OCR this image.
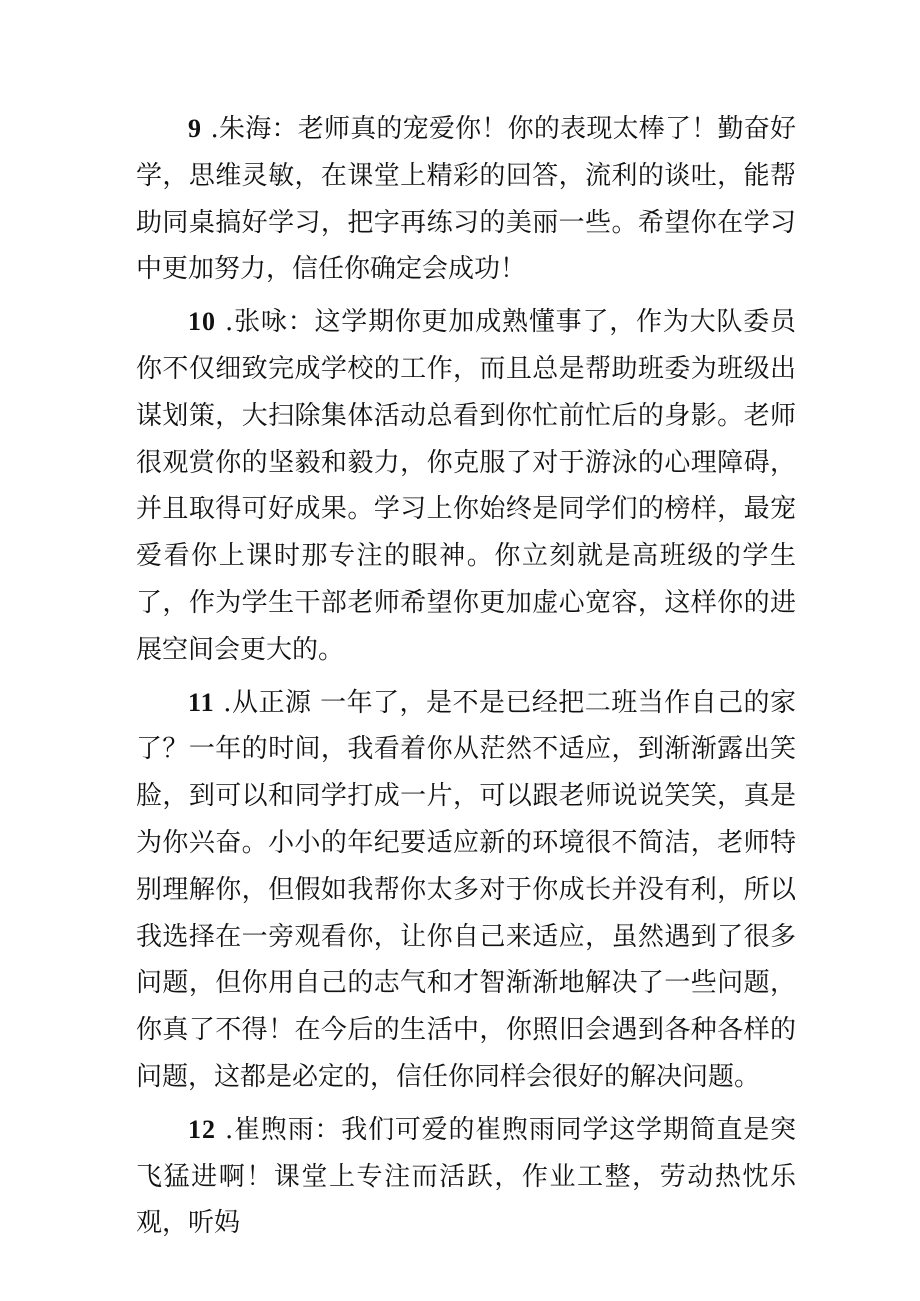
9 .朱海：老师真的宠爱你！你的表现太棒了！勤奋好学，思维灵敏，在课堂上精彩的回答，流利的谈吐，能帮助同桌搞好学习，把字再练习的美丽一些。希望你在学习中更加努力，信任你确定会成功！

10 .张咏：这学期你更加成熟懂事了，作为大队委员你不仅细致完成学校的工作，而且总是帮助班委为班级出谋划策，大扫除集体活动总看到你忙前忙后的身影。老师很观赏你的坚毅和毅力，你克服了对于游泳的心理障碍，并且取得可好成果。学习上你始终是同学们的榜样，最宠爱看你上课时那专注的眼神。你立刻就是高班级的学生了，作为学生干部老师希望你更加虚心宽容，这样你的进展空间会更大的。

11 .从正源 一年了，是不是已经把二班当作自己的家了？一年的时间，我看着你从茫然不适应，到渐渐露出笑脸，到可以和同学打成一片，可以跟老师说说笑笑，真是为你兴奋。小小的年纪要适应新的环境很不简洁，老师特别理解你，但假如我帮你太多对于你成长并没有利，所以我选择在一旁观看你，让你自己来适应，虽然遇到了很多问题，但你用自己的志气和才智渐渐地解决了一些问题，你真了不得！在今后的生活中，你照旧会遇到各种各样的问题，这都是必定的，信任你同样会很好的解决问题。

12 .崔煦雨：我们可爱的崔煦雨同学这学期简直是突飞猛进啊！课堂上专注而活跃，作业工整，劳动热忱乐观，听妈
